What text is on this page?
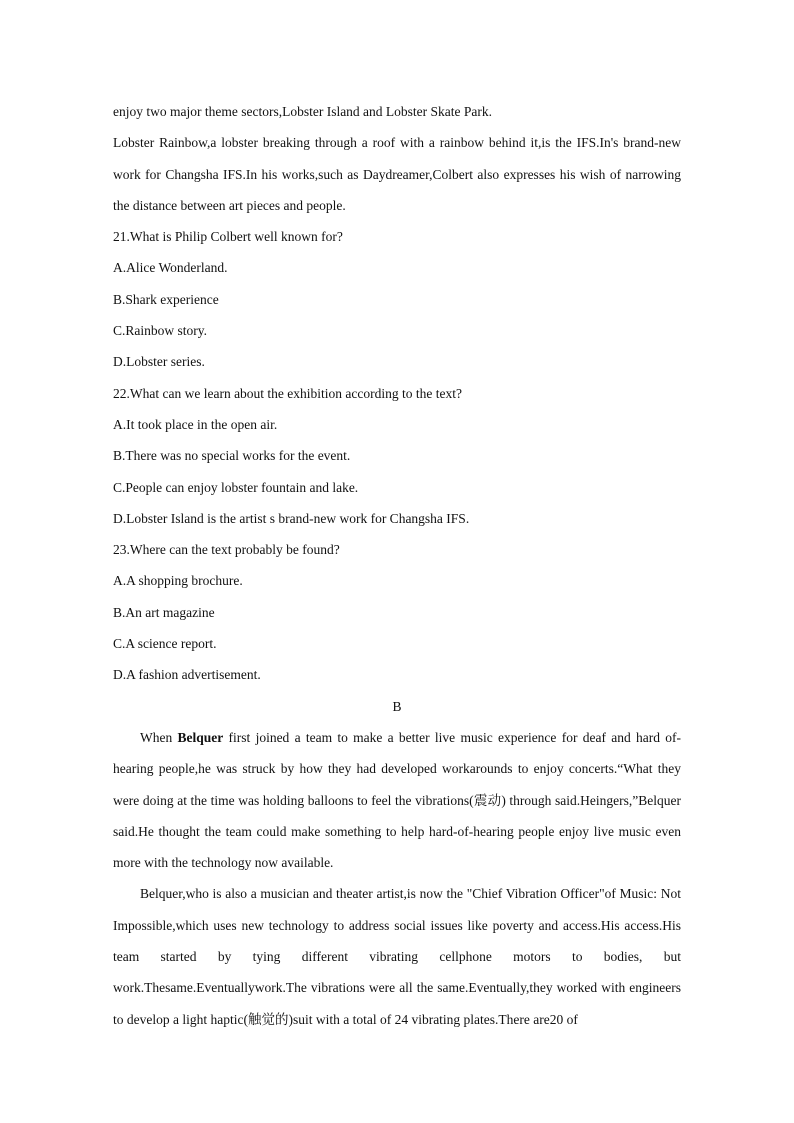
enjoy two major theme sectors,Lobster Island and Lobster Skate Park.

Lobster Rainbow,a lobster breaking through a roof with a rainbow behind it,is the IFS.In's brand-new work for Changsha IFS.In his works,such as Daydreamer,Colbert also expresses his wish of narrowing the distance between art pieces and people.

21.What is Philip Colbert well known for?
A.Alice Wonderland.
B.Shark experience
C.Rainbow story.
D.Lobster series.
22.What can we learn about the exhibition according to the text?
A.It took place in the open air.
B.There was no special works for the event.
C.People can enjoy lobster fountain and lake.
D.Lobster Island is the artist s brand-new work for Changsha IFS.
23.Where can the text probably be found?
A.A shopping brochure.
B.An art magazine
C.A science report.
D.A fashion advertisement.
B

When Belquer first joined a team to make a better live music experience for deaf and hard of-hearing people,he was struck by how they had developed workarounds to enjoy concerts.“What they were doing at the time was holding balloons to feel the vibrations(震动) through said.Heingers,”Belquer said.He thought the team could make something to help hard-of-hearing people enjoy live music even more with the technology now available.

Belquer,who is also a musician and theater artist,is now the "Chief Vibration Officer"of Music: Not Impossible,which uses new technology to address social issues like poverty and access.His access.His team started by tying different vibrating cellphone motors to bodies, but work.Thesame.Eventuallywork.The vibrations were all the same.Eventually,they worked with engineers to develop a light haptic(触觉的)suit with a total of 24 vibrating plates.There are20 of
